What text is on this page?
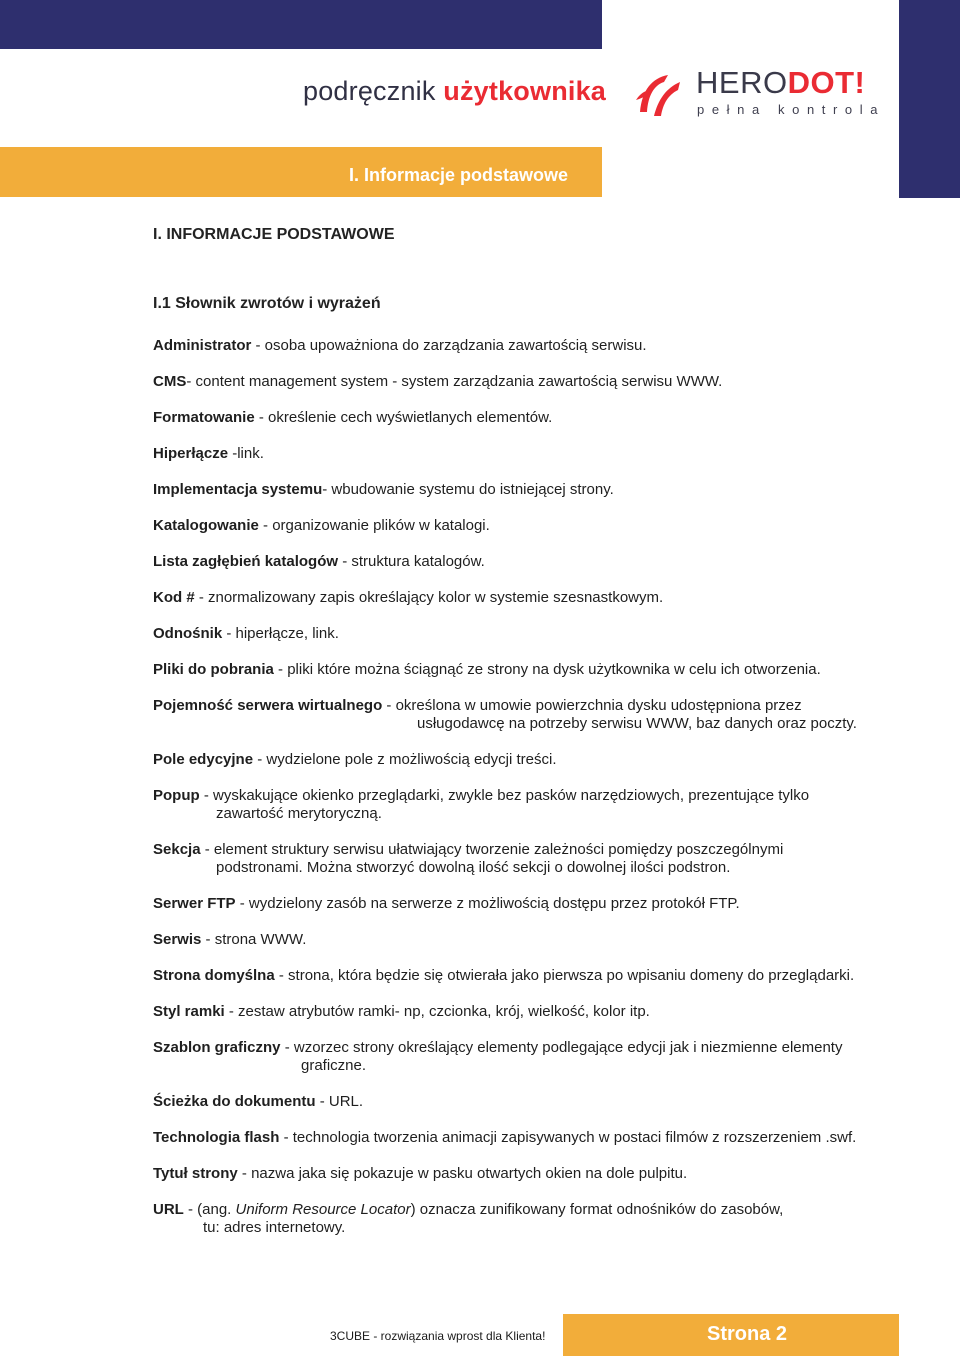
podręcznik użytkownika	HERODOT!
pełna kontrola
I. Informacje podstawowe
I. INFORMACJE PODSTAWOWE
I.1 Słownik zwrotów i wyrażeń
Administrator - osoba upoważniona do zarządzania zawartością serwisu.
CMS- content management system - system zarządzania zawartością serwisu WWW.
Formatowanie - określenie cech wyświetlanych elementów.
Hiperłącze -link.
Implementacja systemu- wbudowanie systemu do istniejącej strony.
Katalogowanie - organizowanie plików w katalogi.
Lista zagłębień katalogów - struktura katalogów.
Kod # - znormalizowany zapis określający kolor w systemie szesnastkowym.
Odnośnik - hiperłącze, link.
Pliki do pobrania - pliki które można ściągnąć ze strony na dysk użytkownika w celu ich otworzenia.
Pojemność serwera wirtualnego - określona w umowie powierzchnia dysku udostępniona przez
usługodawcę na potrzeby serwisu WWW, baz danych oraz poczty.
Pole edycyjne - wydzielone pole z możliwością edycji treści.
Popup - wyskakujące okienko przeglądarki, zwykle bez pasków narzędziowych, prezentujące tylko
zawartość merytoryczną.
Sekcja - element struktury serwisu ułatwiający tworzenie zależności pomiędzy poszczególnymi
podstronami. Można stworzyć dowolną ilość sekcji o dowolnej ilości podstron.
Serwer FTP - wydzielony zasób na serwerze z możliwością dostępu przez protokół FTP.
Serwis - strona WWW.
Strona domyślna - strona, która będzie się otwierała jako pierwsza po wpisaniu domeny do przeglądarki.
Styl ramki - zestaw atrybutów ramki- np, czcionka, krój, wielkość, kolor itp.
Szablon graficzny - wzorzec strony określający elementy podlegające edycji jak i niezmienne elementy
graficzne.
Ścieżka do dokumentu - URL.
Technologia flash - technologia tworzenia animacji zapisywanych w postaci filmów z rozszerzeniem .swf.
Tytuł strony - nazwa jaka się pokazuje w pasku otwartych okien na dole pulpitu.
URL - (ang. Uniform Resource Locator) oznacza zunifikowany format odnośników do zasobów,
tu: adres internetowy.
3CUBE - rozwiązania wprost dla Klienta!	Strona 2
